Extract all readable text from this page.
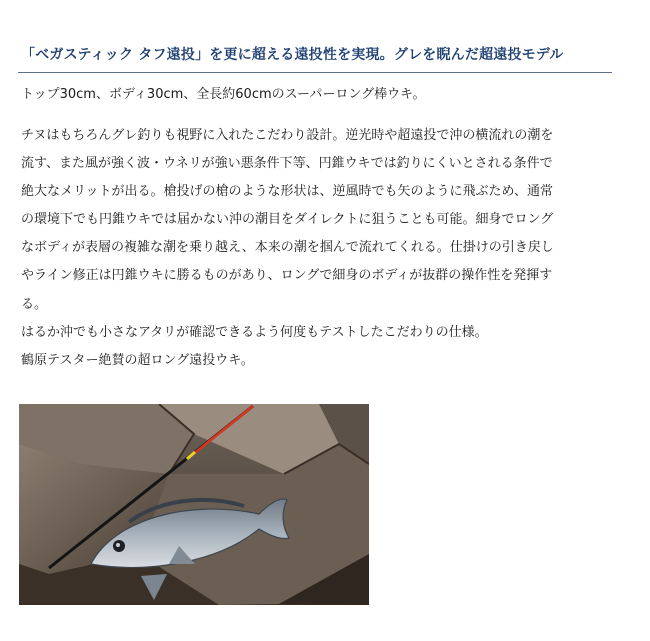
「ベガスティック タフ遠投」を更に超える遠投性を実現。グレを睨んだ超遠投モデル
トップ30cm、ボディ30cm、全長約60cmのスーパーロング棒ウキ。

チヌはもちろんグレ釣りも視野に入れたこだわり設計。逆光時や超遠投で沖の横流れの潮を

流す、また風が強く波・ウネリが強い悪条件下等、円錐ウキでは釣りにくいとされる条件で

絶大なメリットが出る。槍投げの槍のような形状は、逆風時でも矢のように飛ぶため、通常

の環境下でも円錐ウキでは届かない沖の潮目をダイレクトに狙うことも可能。細身でロング

なボディが表層の複雑な潮を乗り越え、本来の潮を掴んで流れてくれる。仕掛けの引き戻し

やライン修正は円錐ウキに勝るものがあり、ロングで細身のボディが抜群の操作性を発揮す

る。

はるか沖でも小さなアタリが確認できるよう何度もテストしたこだわりの仕様。

鶴原テスター絶賛の超ロング遠投ウキ。
